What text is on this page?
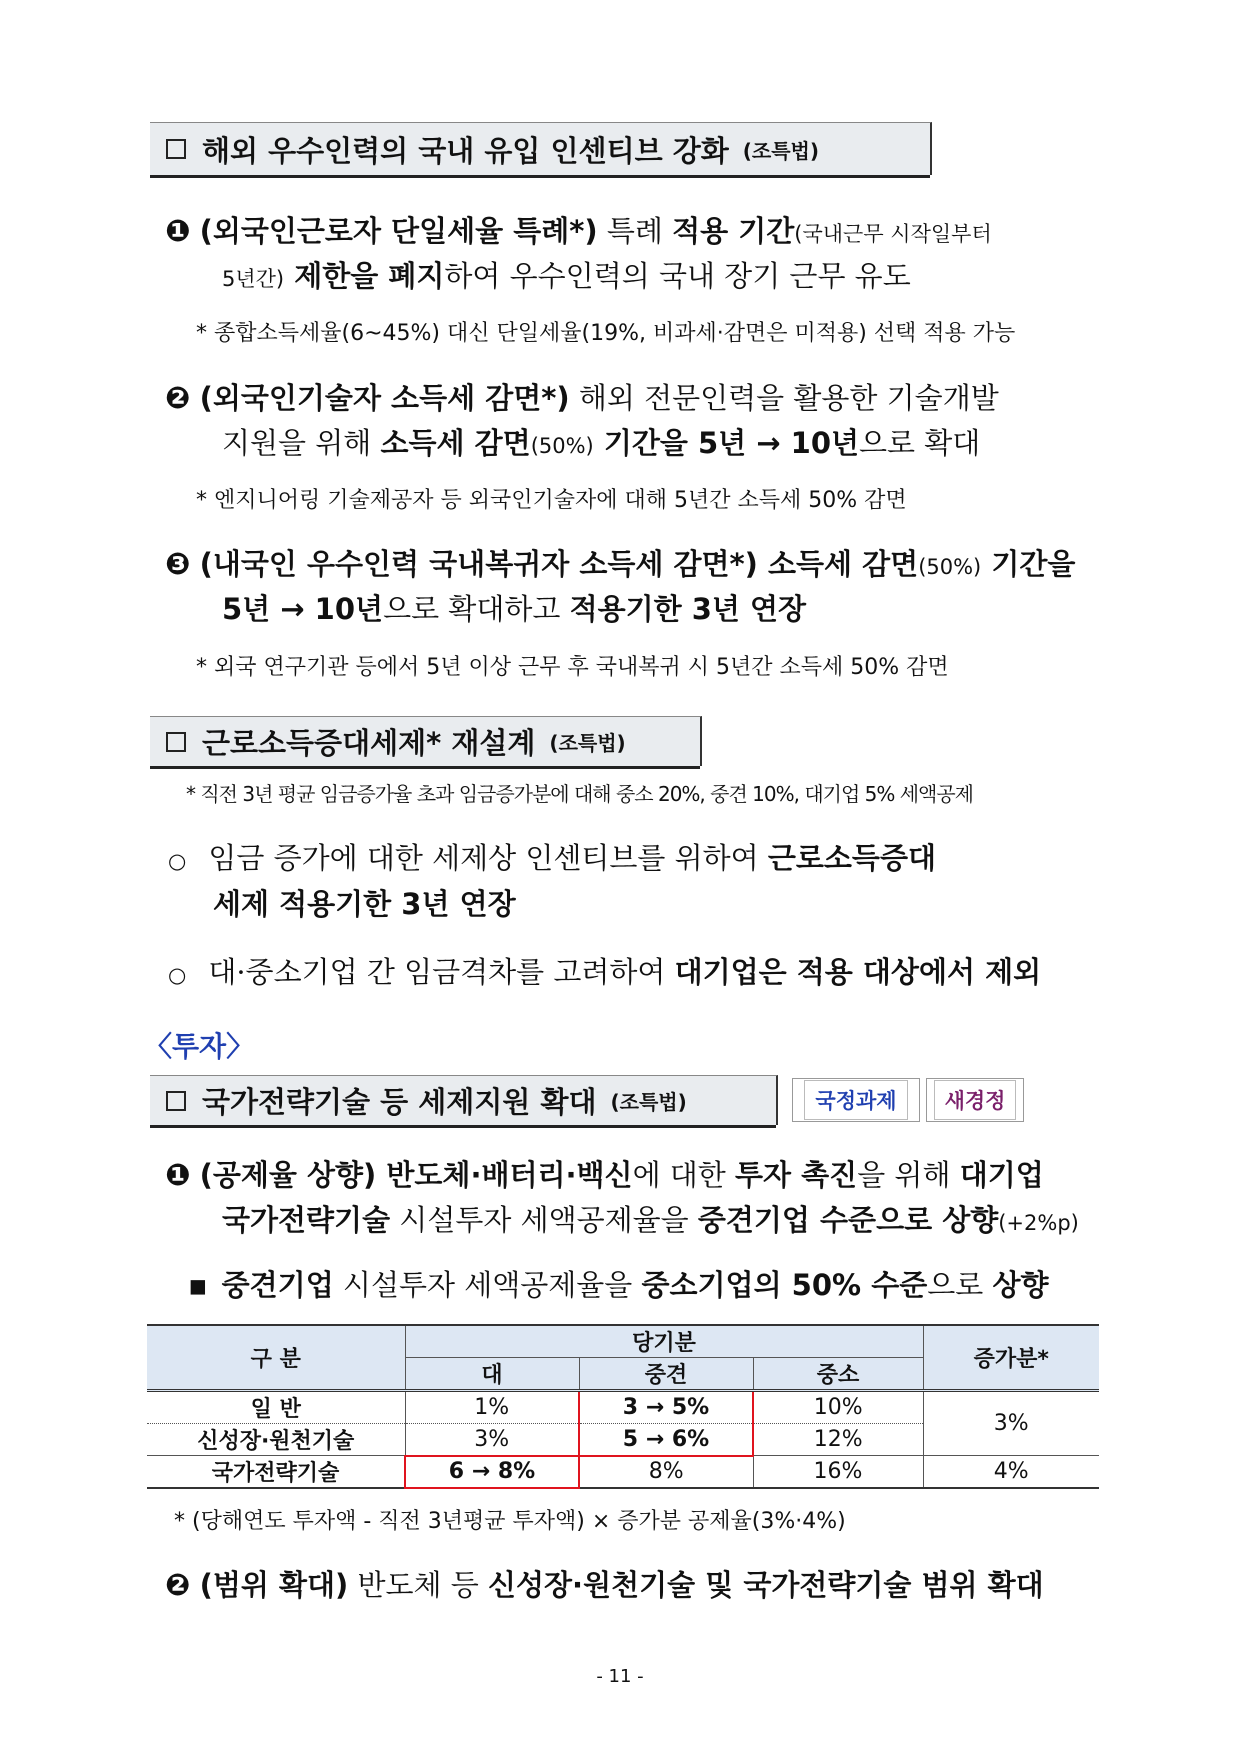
해외 우수인력의 국내 유입 인센티브 강화 (조특법)
❶ (외국인근로자 단일세율 특례*) 특례 적용 기간(국내근무 시작일부터
5년간) 제한을 폐지하여 우수인력의 국내 장기 근무 유도
* 종합소득세율(6~45%) 대신 단일세율(19%, 비과세·감면은 미적용) 선택 적용 가능
❷ (외국인기술자 소득세 감면*) 해외 전문인력을 활용한 기술개발
지원을 위해 소득세 감면(50%) 기간을 5년 → 10년으로 확대
* 엔지니어링 기술제공자 등 외국인기술자에 대해 5년간 소득세 50% 감면
❸ (내국인 우수인력 국내복귀자 소득세 감면*) 소득세 감면(50%) 기간을
5년 → 10년으로 확대하고 적용기한 3년 연장
* 외국 연구기관 등에서 5년 이상 근무 후 국내복귀 시 5년간 소득세 50% 감면
근로소득증대세제* 재설계 (조특법)
* 직전 3년 평균 임금증가율 초과 임금증가분에 대해 중소 20%, 중견 10%, 대기업 5% 세액공제
○ 임금 증가에 대한 세제상 인센티브를 위하여 근로소득증대
세제 적용기한 3년 연장
○ 대·중소기업 간 임금격차를 고려하여 대기업은 적용 대상에서 제외
〈투자〉
국가전략기술 등 세제지원 확대 (조특법)	국정과제	새경정
❶ (공제율 상향) 반도체·배터리·백신에 대한 투자 촉진을 위해 대기업
국가전략기술 시설투자 세액공제율을 중견기업 수준으로 상향(+2%p)
▪ 중견기업 시설투자 세액공제율을 중소기업의 50% 수준으로 상향
구 분	당기분			증가분*
	대	중견	중소	
일 반	1%	3 → 5%	10%	3%
신성장·원천기술	3%	5 → 6%	12%	
국가전략기술	6 → 8%	8%	16%	4%
* (당해연도 투자액 - 직전 3년평균 투자액) × 증가분 공제율(3%·4%)
❷ (범위 확대) 반도체 등 신성장·원천기술 및 국가전략기술 범위 확대
- 11 -
